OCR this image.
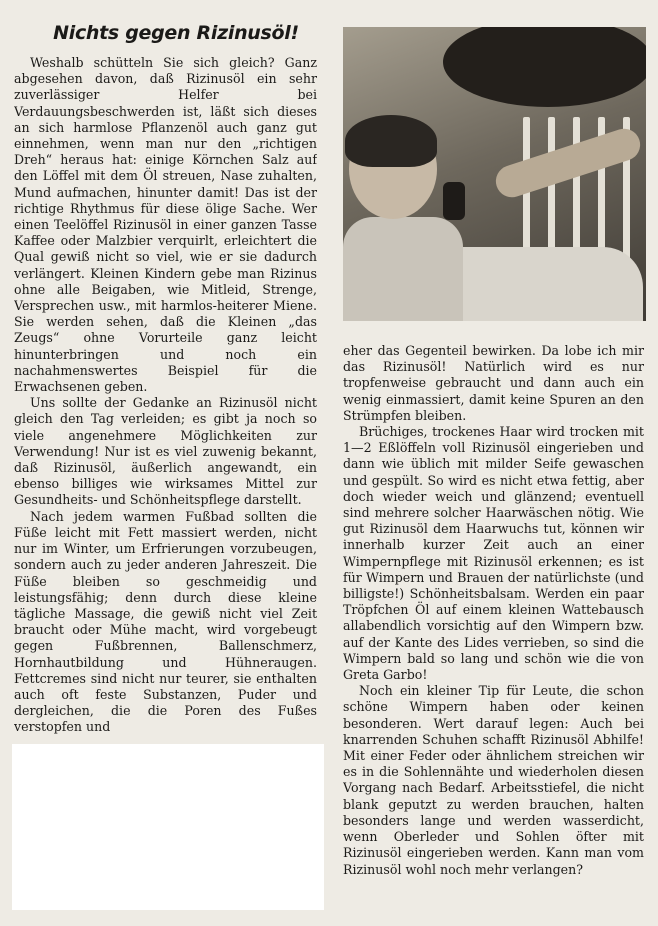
Nichts gegen Rizinusöl!

Weshalb schütteln Sie sich gleich? Ganz abgesehen davon, daß Rizinusöl ein sehr zuverlässiger Helfer bei Verdauungsbeschwerden ist, läßt sich dieses an sich harmlose Pflanzenöl auch ganz gut einnehmen, wenn man nur den „richtigen Dreh“ heraus hat: einige Körnchen Salz auf den Löffel mit dem Öl streuen, Nase zuhalten, Mund aufmachen, hinunter damit! Das ist der richtige Rhythmus für diese ölige Sache. Wer einen Teelöffel Rizinusöl in einer ganzen Tasse Kaffee oder Malzbier verquirlt, erleichtert die Qual gewiß nicht so viel, wie er sie dadurch verlängert. Kleinen Kindern gebe man Rizinus ohne alle Beigaben, wie Mitleid, Strenge, Versprechen usw., mit harmlos-heiterer Miene. Sie werden sehen, daß die Kleinen „das Zeugs“ ohne Vorurteile ganz leicht hinunterbringen und noch ein nachahmenswertes Beispiel für die Erwachsenen geben.

Uns sollte der Gedanke an Rizinusöl nicht gleich den Tag verleiden; es gibt ja noch so viele angenehmere Möglichkeiten zur Verwendung! Nur ist es viel zuwenig bekannt, daß Rizinusöl, äußerlich angewandt, ein ebenso billiges wie wirksames Mittel zur Gesundheits- und Schönheitspflege darstellt.

Nach jedem warmen Fußbad sollten die Füße leicht mit Fett massiert werden, nicht nur im Winter, um Erfrierungen vorzubeugen, sondern auch zu jeder anderen Jahreszeit. Die Füße bleiben so geschmeidig und leistungsfähig; denn durch diese kleine tägliche Massage, die gewiß nicht viel Zeit braucht oder Mühe macht, wird vorgebeugt gegen Fußbrennen, Ballenschmerz, Hornhautbildung und Hühneraugen. Fettcremes sind nicht nur teurer, sie enthalten auch oft feste Substanzen, Puder und dergleichen, die die Poren des Fußes verstopfen und

eher das Gegenteil bewirken. Da lobe ich mir das Rizinusöl! Natürlich wird es nur tropfenweise gebraucht und dann auch ein wenig einmassiert, damit keine Spuren an den Strümpfen bleiben.

Brüchiges, trockenes Haar wird trocken mit 1—2 Eßlöffeln voll Rizinusöl eingerieben und dann wie üblich mit milder Seife gewaschen und gespült. So wird es nicht etwa fettig, aber doch wieder weich und glänzend; eventuell sind mehrere solcher Haarwäschen nötig. Wie gut Rizinusöl dem Haarwuchs tut, können wir innerhalb kurzer Zeit auch an einer Wimpernpflege mit Rizinusöl erkennen; es ist für Wimpern und Brauen der natürlichste (und billigste!) Schönheitsbalsam. Werden ein paar Tröpfchen Öl auf einem kleinen Wattebausch allabendlich vorsichtig auf den Wimpern bzw. auf der Kante des Lides verrieben, so sind die Wimpern bald so lang und schön wie die von Greta Garbo!

Noch ein kleiner Tip für Leute, die schon schöne Wimpern haben oder keinen besonderen. Wert darauf legen: Auch bei knarrenden Schuhen schafft Rizinusöl Abhilfe! Mit einer Feder oder ähnlichem streichen wir es in die Sohlennähte und wiederholen diesen Vorgang nach Bedarf. Arbeitsstiefel, die nicht blank geputzt zu werden brauchen, halten besonders lange und werden wasserdicht, wenn Oberleder und Sohlen öfter mit Rizinusöl eingerieben werden. Kann man vom Rizinusöl wohl noch mehr verlangen?
